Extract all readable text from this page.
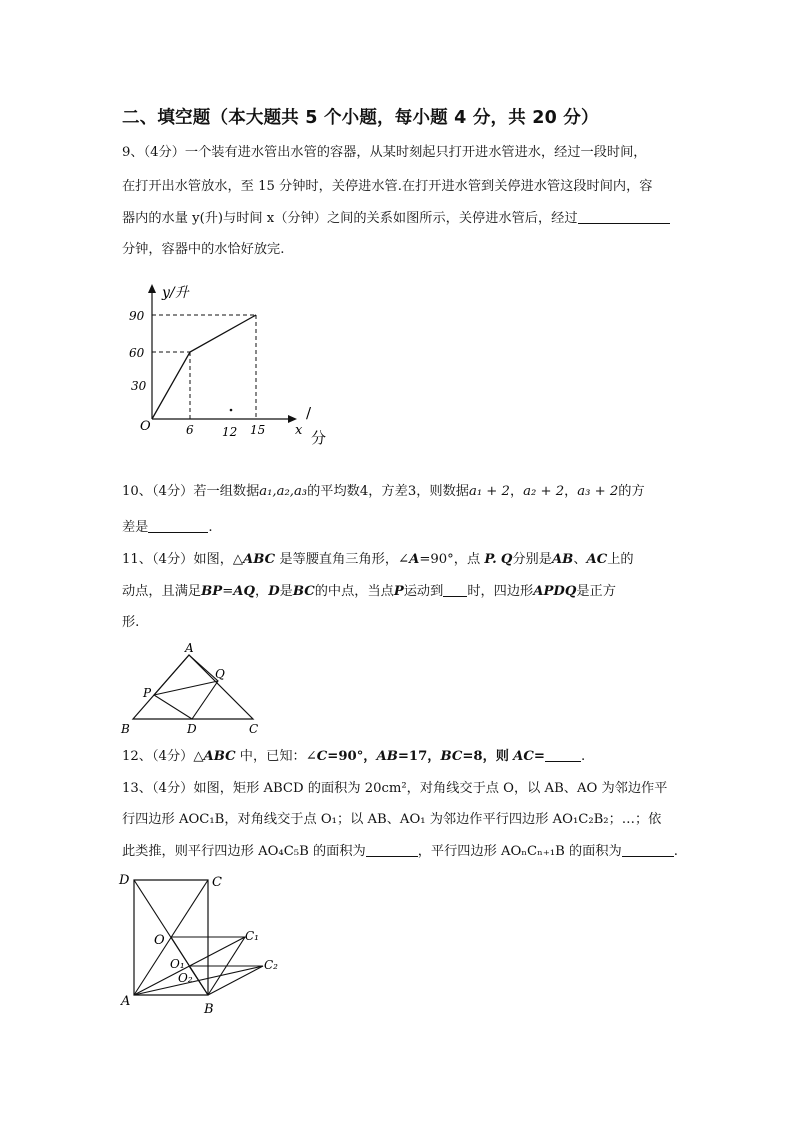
二、填空题（本大题共 5 个小题，每小题 4 分，共 20 分）
9、（4分）一个装有进水管出水管的容器，从某时刻起只打开进水管进水，经过一段时间，
在打开出水管放水，至 15 分钟时，关停进水管.在打开进水管到关停进水管这段时间内，容
器内的水量 y(升)与时间 x（分钟）之间的关系如图所示，关停进水管后，经过
分钟，容器中的水恰好放完.
y/升
90
60
30
O	6 12 15 x
/
分
10、（4分）若一组数据a₁,a₂,a₃的平均数4，方差3，则数据a₁ + 2，a₂ + 2，a₃ + 2的方
差是	.
11、（4分）如图，△ABC 是等腰直角三角形，∠A=90°，点 P. Q分别是AB、AC上的
动点，且满足BP=AQ，D是BC的中点，当点P运动到 时，四边形APDQ是正方
形.
A
P
Q
B	D	C
12、（4分）△ABC 中，已知：∠C=90°，AB=17，BC=8，则 AC=	.
13、（4分）如图，矩形 ABCD 的面积为 20cm²，对角线交于点 O，以 AB、AO 为邻边作平
行四边形 AOC₁B，对角线交于点 O₁；以 AB、AO₁ 为邻边作平行四边形 AO₁C₂B₂；…；依
此类推，则平行四边形 AO₄C₅B 的面积为	，平行四边形 AOₙCₙ₊₁B 的面积为	.
D	C
O	C₁
O₁
O₂
C₂
A
B
